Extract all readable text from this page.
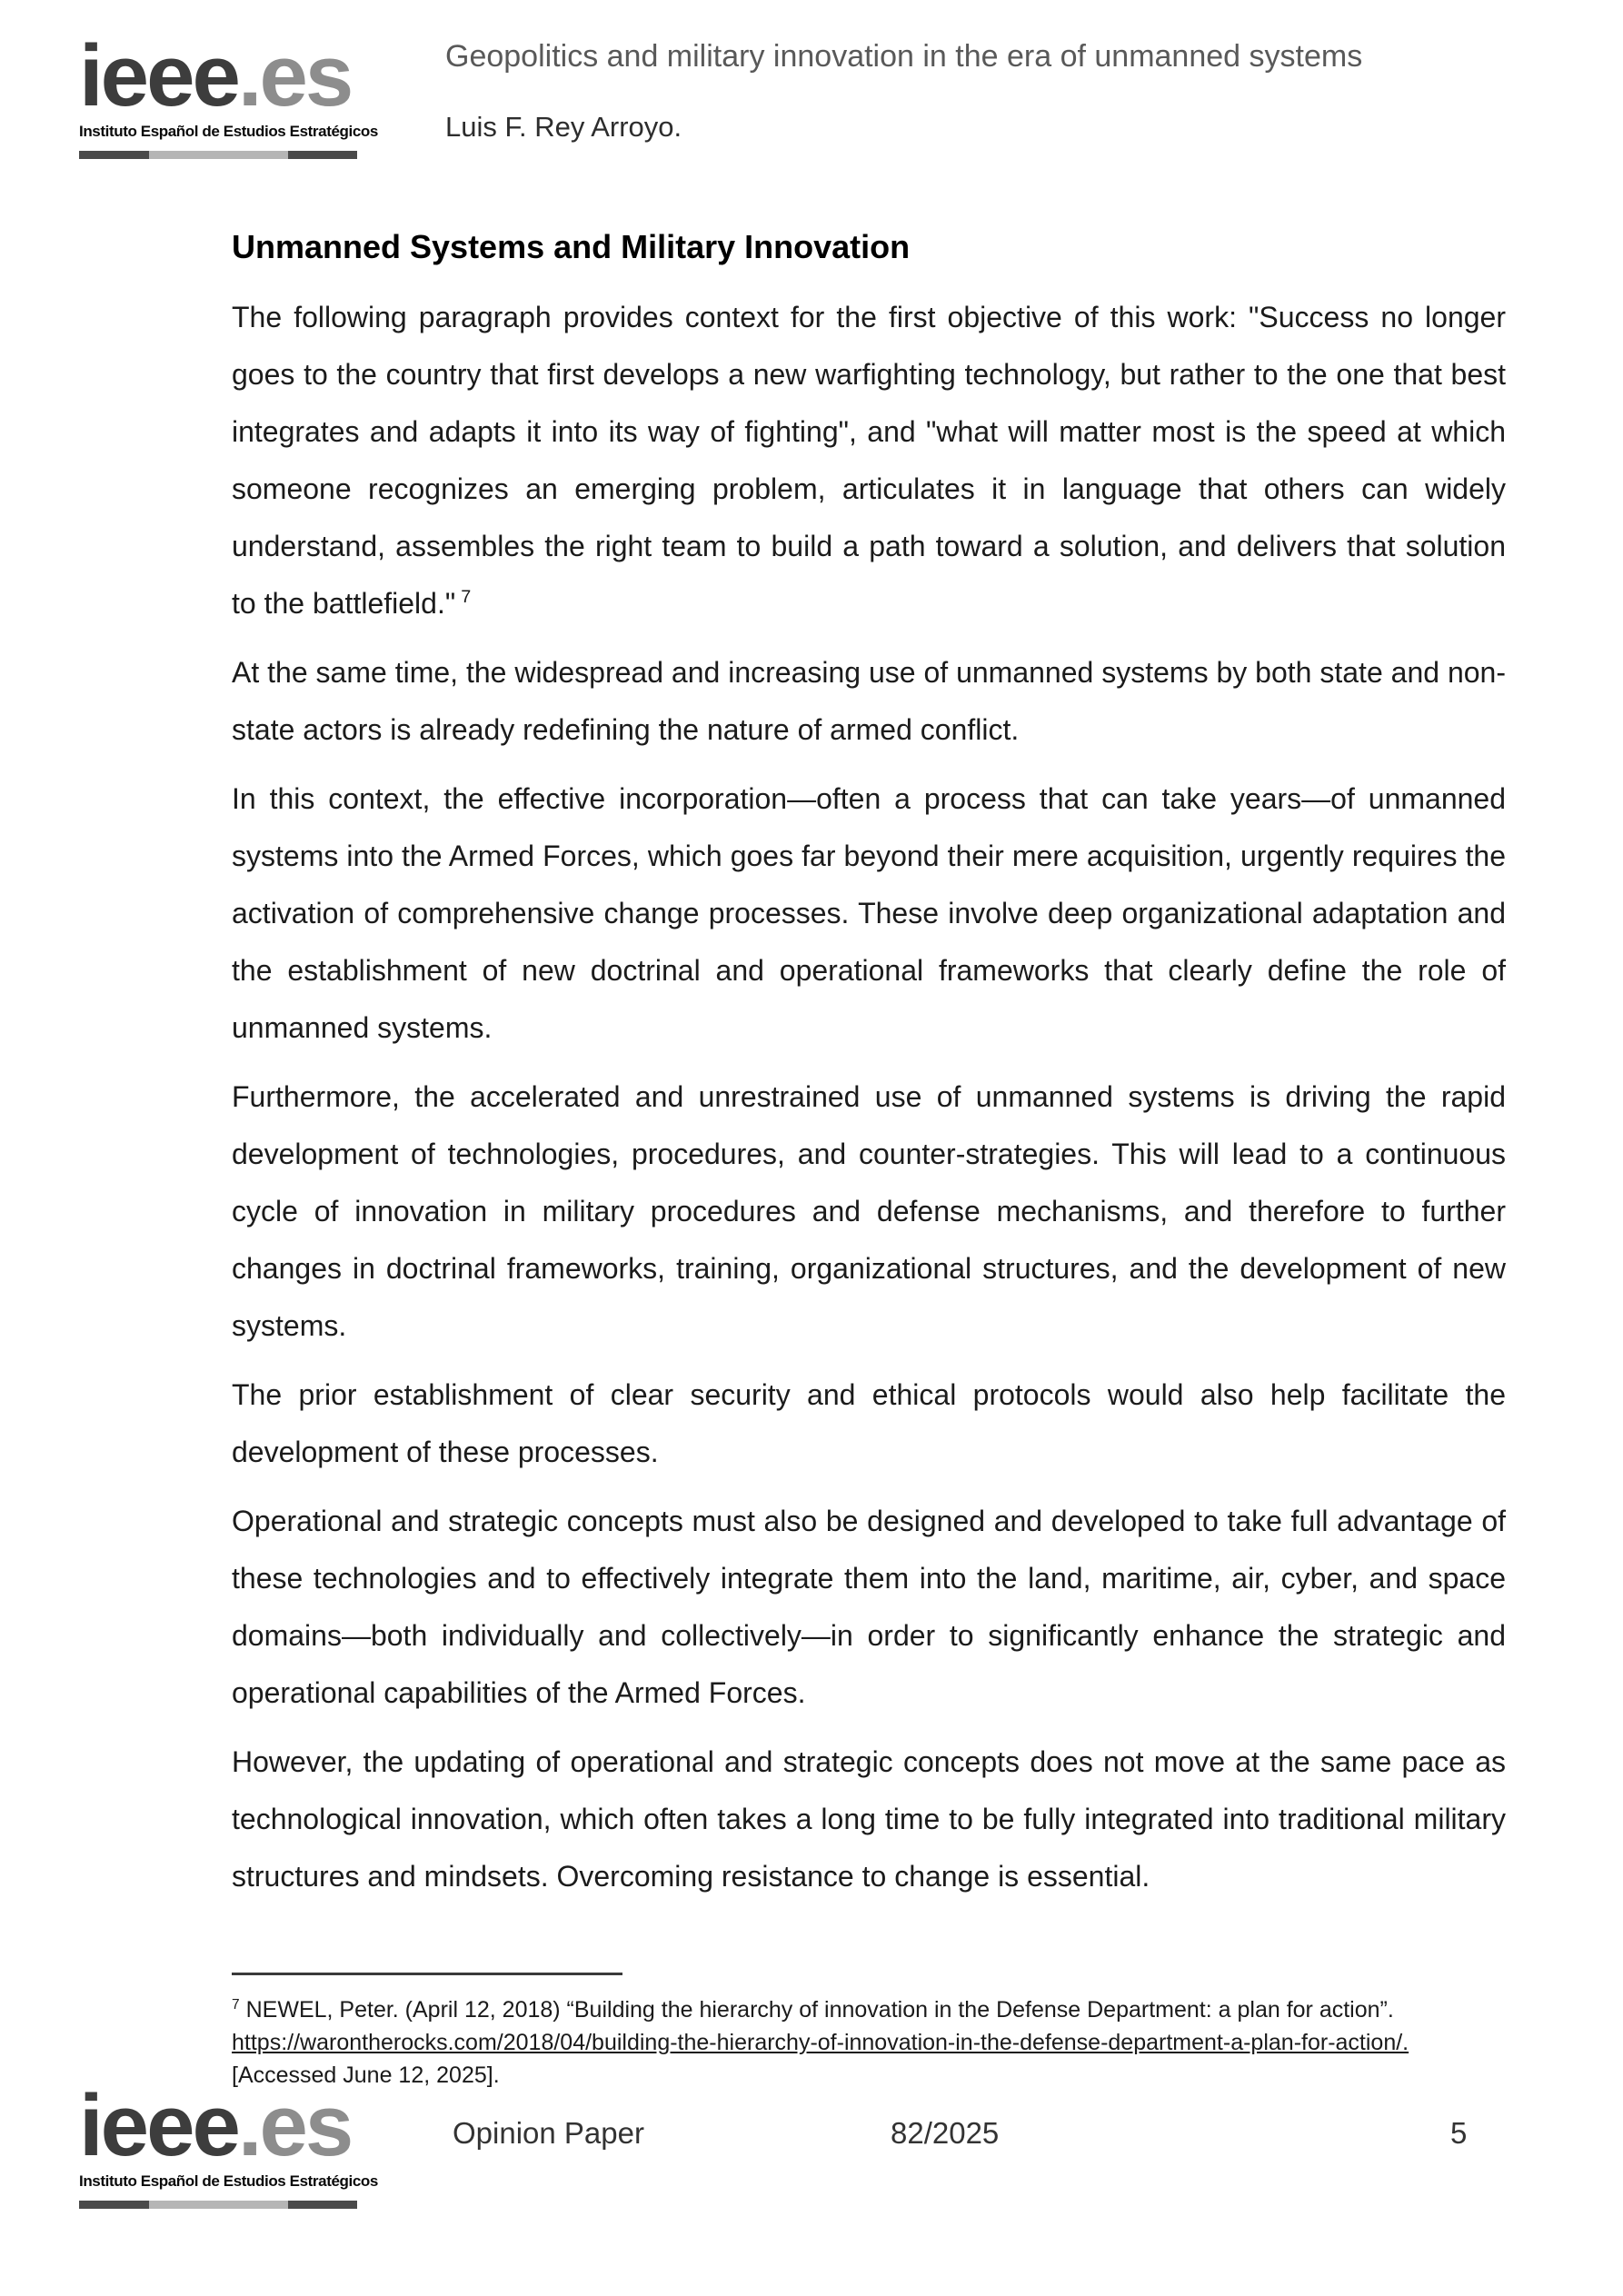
ieee.es
Instituto Español de Estudios Estratégicos
Geopolitics and military innovation in the era of unmanned systems
Luis F. Rey Arroyo.
Unmanned Systems and Military Innovation
The following paragraph provides context for the first objective of this work: "Success no longer goes to the country that first develops a new warfighting technology, but rather to the one that best integrates and adapts it into its way of fighting", and "what will matter most is the speed at which someone recognizes an emerging problem, articulates it in language that others can widely understand, assembles the right team to build a path toward a solution, and delivers that solution to the battlefield." $^7$
At the same time, the widespread and increasing use of unmanned systems by both state and non-state actors is already redefining the nature of armed conflict.
In this context, the effective incorporation—often a process that can take years—of unmanned systems into the Armed Forces, which goes far beyond their mere acquisition, urgently requires the activation of comprehensive change processes. These involve deep organizational adaptation and the establishment of new doctrinal and operational frameworks that clearly define the role of unmanned systems.
Furthermore, the accelerated and unrestrained use of unmanned systems is driving the rapid development of technologies, procedures, and counter-strategies. This will lead to a continuous cycle of innovation in military procedures and defense mechanisms, and therefore to further changes in doctrinal frameworks, training, organizational structures, and the development of new systems.
The prior establishment of clear security and ethical protocols would also help facilitate the development of these processes.
Operational and strategic concepts must also be designed and developed to take full advantage of these technologies and to effectively integrate them into the land, maritime, air, cyber, and space domains—both individually and collectively—in order to significantly enhance the strategic and operational capabilities of the Armed Forces.
However, the updating of operational and strategic concepts does not move at the same pace as technological innovation, which often takes a long time to be fully integrated into traditional military structures and mindsets. Overcoming resistance to change is essential.
$^7$ NEWEL, Peter. (April 12, 2018) “Building the hierarchy of innovation in the Defense Department: a plan for action”.
https://warontherocks.com/2018/04/building-the-hierarchy-of-innovation-in-the-defense-department-a-plan-for-action/.
[Accessed June 12, 2025].
ieee.es
Instituto Español de Estudios Estratégicos
Opinion Paper	82/2025	5
